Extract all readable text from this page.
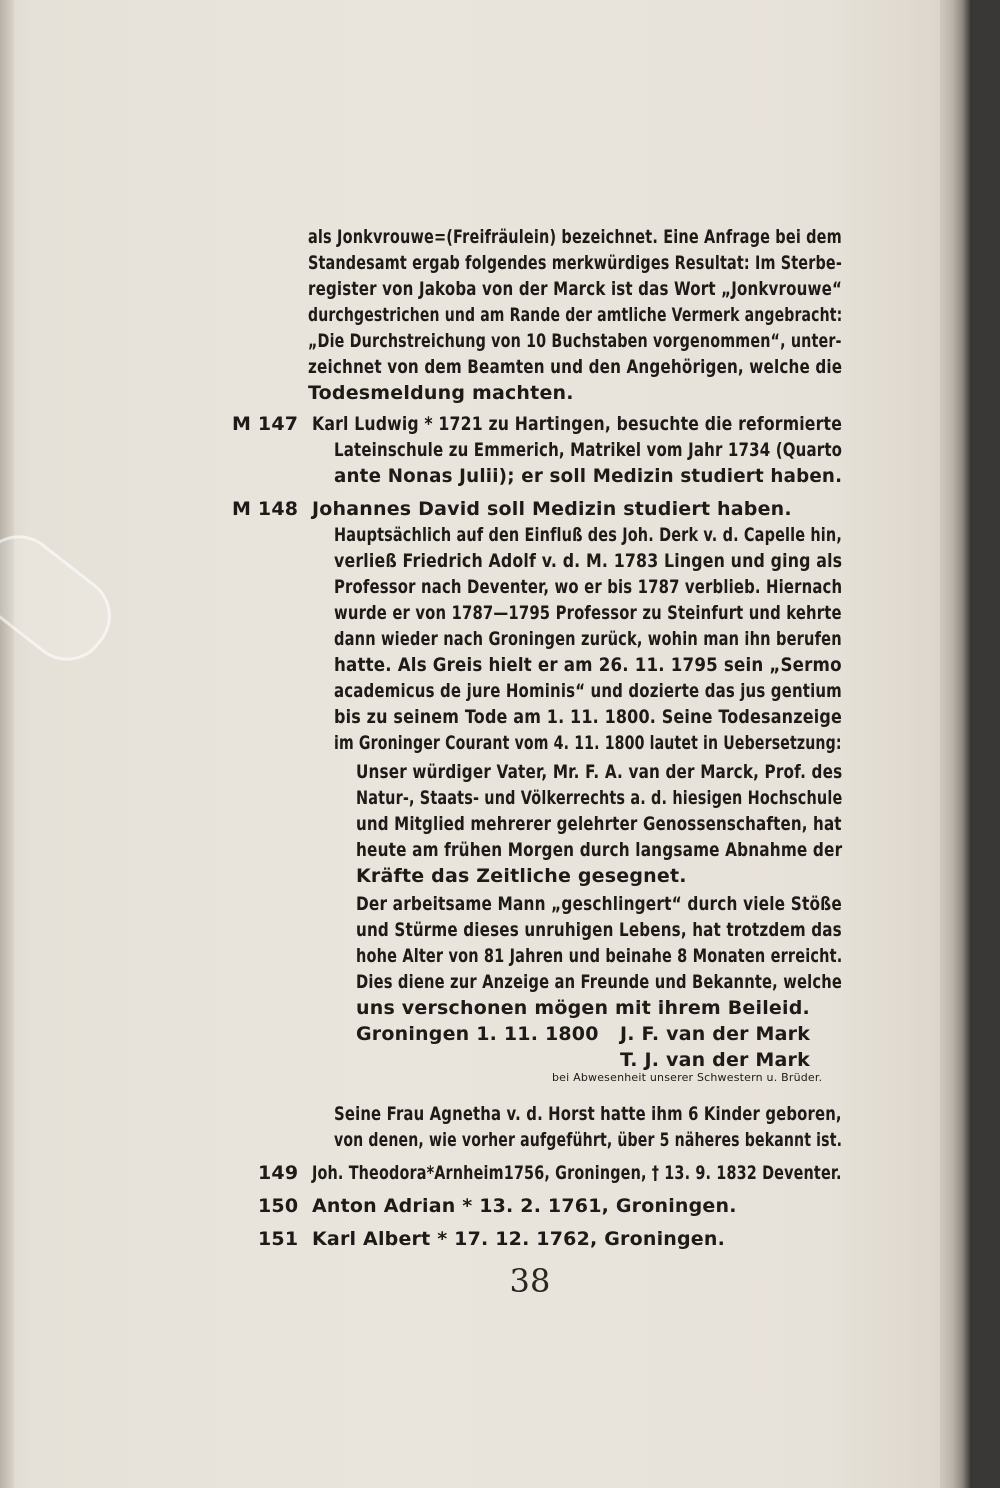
als Jonkvrouwe=(Freifräulein) bezeichnet. Eine Anfrage bei dem
Standesamt ergab folgendes merkwürdiges Resultat: Im Sterbe-
register von Jakoba von der Marck ist das Wort „Jonkvrouwe“
durchgestrichen und am Rande der amtliche Vermerk angebracht:
„Die Durchstreichung von 10 Buchstaben vorgenommen“, unter-
zeichnet von dem Beamten und den Angehörigen, welche die
Todesmeldung machten.
M 147 Karl Ludwig * 1721 zu Hartingen, besuchte die reformierte
Lateinschule zu Emmerich, Matrikel vom Jahr 1734 (Quarto
ante Nonas Julii); er soll Medizin studiert haben.
M 148 Johannes David soll Medizin studiert haben.
Hauptsächlich auf den Einfluß des Joh. Derk v. d. Capelle hin,
verließ Friedrich Adolf v. d. M. 1783 Lingen und ging als
Professor nach Deventer, wo er bis 1787 verblieb. Hiernach
wurde er von 1787—1795 Professor zu Steinfurt und kehrte
dann wieder nach Groningen zurück, wohin man ihn berufen
hatte. Als Greis hielt er am 26. 11. 1795 sein „Sermo
academicus de jure Hominis“ und dozierte das jus gentium
bis zu seinem Tode am 1. 11. 1800. Seine Todesanzeige
im Groninger Courant vom 4. 11. 1800 lautet in Uebersetzung:
Unser würdiger Vater, Mr. F. A. van der Marck, Prof. des
Natur-, Staats- und Völkerrechts a. d. hiesigen Hochschule
und Mitglied mehrerer gelehrter Genossenschaften, hat
heute am frühen Morgen durch langsame Abnahme der
Kräfte das Zeitliche gesegnet.
Der arbeitsame Mann „geschlingert“ durch viele Stöße
und Stürme dieses unruhigen Lebens, hat trotzdem das
hohe Alter von 81 Jahren und beinahe 8 Monaten erreicht.
Dies diene zur Anzeige an Freunde und Bekannte, welche
uns verschonen mögen mit ihrem Beileid.
Groningen 1. 11. 1800 J. F. van der Mark
T. J. van der Mark
bei Abwesenheit unserer Schwestern u. Brüder.
Seine Frau Agnetha v. d. Horst hatte ihm 6 Kinder geboren,
von denen, wie vorher aufgeführt, über 5 näheres bekannt ist.
149 Joh. Theodora*Arnheim1756, Groningen, † 13. 9. 1832 Deventer.
150 Anton Adrian * 13. 2. 1761, Groningen.
151 Karl Albert * 17. 12. 1762, Groningen.
38
